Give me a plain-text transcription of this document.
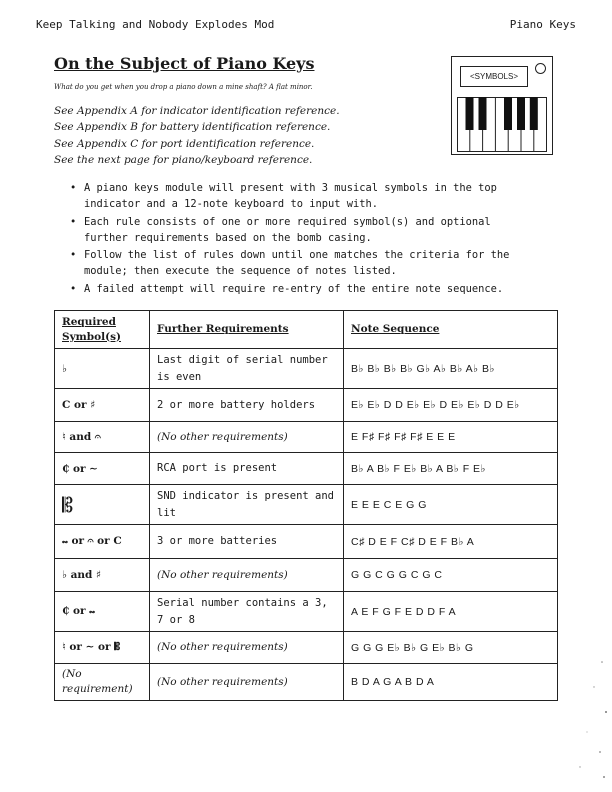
Keep Talking and Nobody Explodes Mod	Piano Keys
On the Subject of Piano Keys
What do you get when you drop a piano down a mine shaft? A flat minor.
See Appendix A for indicator identification reference.
See Appendix B for battery identification reference.
See Appendix C for port identification reference.
See the next page for piano/keyboard reference.
<SYMBOLS>
• A piano keys module will present with 3 musical symbols in the top indicator and a 12-note keyboard to input with.
• Each rule consists of one or more required symbol(s) and optional further requirements based on the bomb casing.
• Follow the list of rules down until one matches the criteria for the module; then execute the sequence of notes listed.
• A failed attempt will require re-entry of the entire note sequence.
Required Symbol(s)	Further Requirements	Note Sequence
♭	Last digit of serial number is even	B♭ B♭ B♭ B♭ G♭ A♭ B♭ A♭ B♭
C or ♯	2 or more battery holders	E♭ E♭ D D E♭ E♭ D E♭ E♭ D D E♭
♮ and 𝄐	(No other requirements)	E F♯ F♯ F♯ F♯ E E E
₵ or ∼	RCA port is present	B♭ A B♭ F E♭ B♭ A B♭ F E♭
𝄡	SND indicator is present and lit	E E E C E G G
𝆗 or 𝄐 or C	3 or more batteries	C♯ D E F C♯ D E F B♭ A
♭ and ♯	(No other requirements)	G G C G G C G C
₵ or 𝆗	Serial number contains a 3, 7 or 8	A E F G F E D D F A
♮ or ∼ or 𝄡	(No other requirements)	G G G E♭ B♭ G E♭ B♭ G
(No requirement)	(No other requirements)	B D A G A B D A
